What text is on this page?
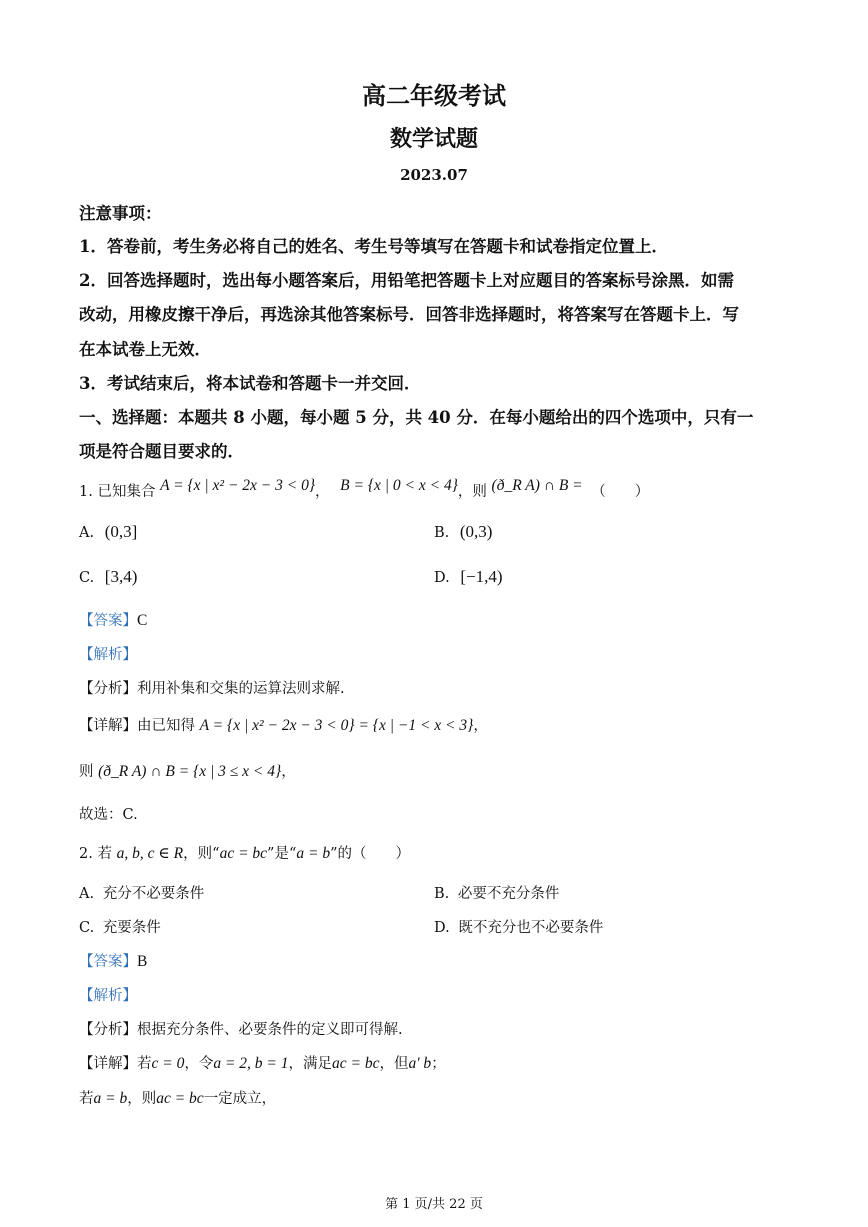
高二年级考试
数学试题
2023.07
注意事项：
1．答卷前，考生务必将自己的姓名、考生号等填写在答题卡和试卷指定位置上．
2．回答选择题时，选出每小题答案后，用铅笔把答题卡上对应题目的答案标号涂黑．如需
改动，用橡皮擦干净后，再选涂其他答案标号．回答非选择题时，将答案写在答题卡上．写
在本试卷上无效．
3．考试结束后，将本试卷和答题卡一并交回．
一、选择题：本题共 8 小题，每小题 5 分，共 40 分．在每小题给出的四个选项中，只有一
项是符合题目要求的．
1. 已知集合 A = {x | x² − 2x − 3 < 0}， B = {x | 0 < x < 4}，则 (ð_R A) ∩ B = （　　）
A. (0,3]	B. (0,3)
C. [3,4)	D. [−1,4)
【答案】C
【解析】
【分析】利用补集和交集的运算法则求解.
【详解】由已知得 A = {x | x² − 2x − 3 < 0} = {x | −1 < x < 3}，
则 (ð_R A) ∩ B = {x | 3 ≤ x < 4}，
故选：C.
2. 若 a, b, c ∈ R，则“ac = bc”是“a = b”的（　　）
A. 充分不必要条件	B. 必要不充分条件
C. 充要条件	D. 既不充分也不必要条件
【答案】B
【解析】
【分析】根据充分条件、必要条件的定义即可得解.
【详解】若c = 0，令a = 2, b = 1，满足ac = bc，但a' b；
若a = b，则ac = bc一定成立，
第 1 页/共 22 页
